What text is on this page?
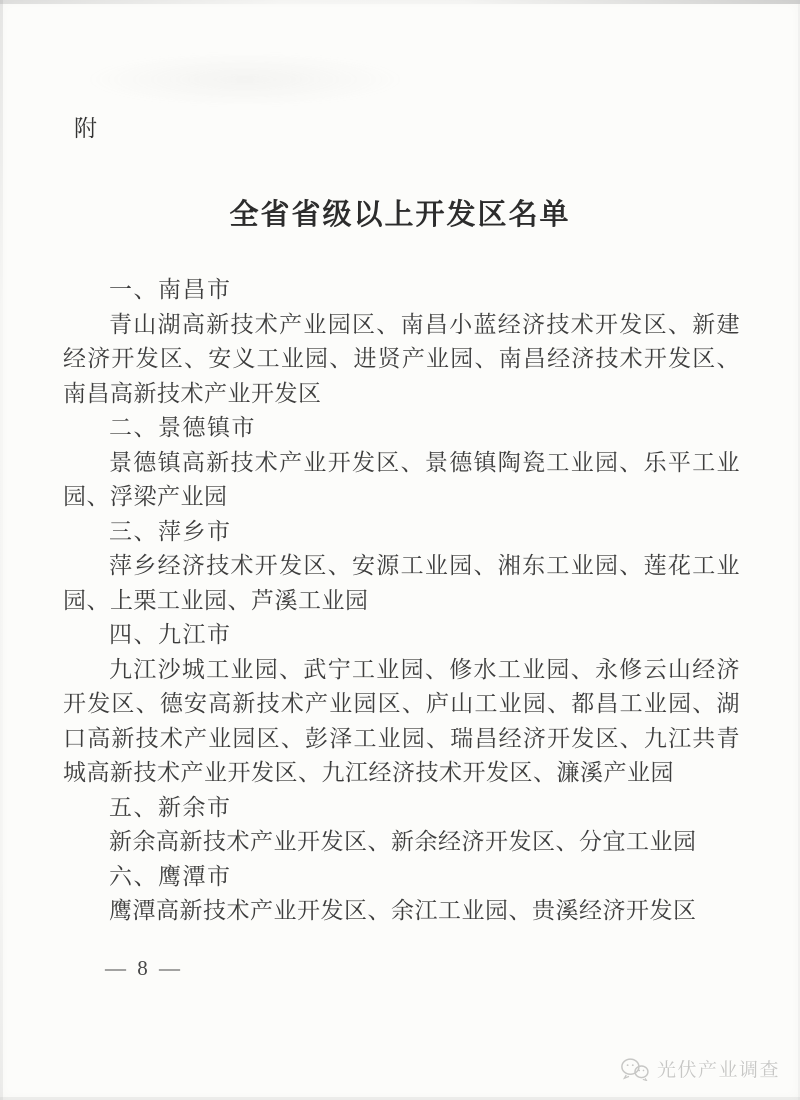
附
全省省级以上开发区名单

一、南昌市

青山湖高新技术产业园区、南昌小蓝经济技术开发区、新建经济开发区、安义工业园、进贤产业园、南昌经济技术开发区、南昌高新技术产业开发区

二、景德镇市

景德镇高新技术产业开发区、景德镇陶瓷工业园、乐平工业园、浮梁产业园

三、萍乡市

萍乡经济技术开发区、安源工业园、湘东工业园、莲花工业园、上栗工业园、芦溪工业园

四、九江市

九江沙城工业园、武宁工业园、修水工业园、永修云山经济开发区、德安高新技术产业园区、庐山工业园、都昌工业园、湖口高新技术产业园区、彭泽工业园、瑞昌经济开发区、九江共青城高新技术产业开发区、九江经济技术开发区、濂溪产业园

五、新余市

新余高新技术产业开发区、新余经济开发区、分宜工业园

六、鹰潭市

鹰潭高新技术产业开发区、余江工业园、贵溪经济开发区

— 8 —
光伏产业调查
